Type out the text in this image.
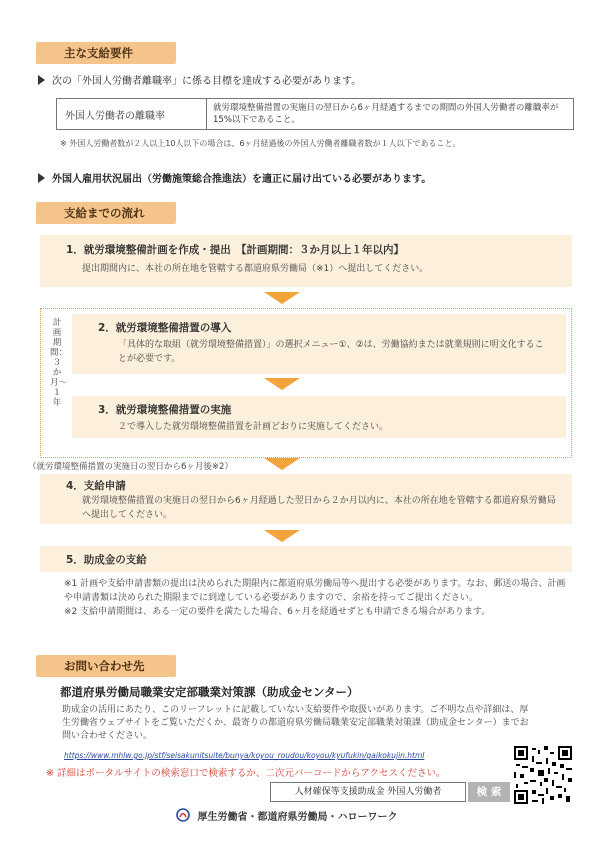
主な支給要件
次の「外国人労働者離職率」に係る目標を達成する必要があります。
外国人労働者の離職率
就労環境整備措置の実施日の翌日から6ヶ月経過するまでの期間の外国人労働者の離職率が15%以下であること。
※ 外国人労働者数が２人以上10人以下の場合は、6ヶ月経過後の外国人労働者離職者数が１人以下であること。
外国人雇用状況届出（労働施策総合推進法）を適正に届け出ている必要があります。
支給までの流れ
1．就労環境整備計画を作成・提出　【計画期間：３か月以上１年以内】
提出期間内に、本社の所在地を管轄する都道府県労働局（※1）へ提出してください。
計画期間：３か月〜１年
2．就労環境整備措置の導入
「具体的な取組（就労環境整備措置）」の選択メニュー①、②は、労働協約または就業規則に明文化することが必要です。
3．就労環境整備措置の実施
２で導入した就労環境整備措置を計画どおりに実施してください。
（就労環境整備措置の実施日の翌日から6ヶ月後※2）
4．支給申請
就労環境整備措置の実施日の翌日から6ヶ月経過した翌日から２か月以内に、本社の所在地を管轄する都道府県労働局へ提出してください。
5．助成金の支給
※1 計画や支給申請書類の提出は決められた期限内に都道府県労働局等へ提出する必要があります。なお、郵送の場合、計画や申請書類は決められた期限までに到達している必要がありますので、余裕を持ってご提出ください。
※2 支給申請期間は、ある一定の要件を満たした場合、6ヶ月を経過せずとも申請できる場合があります。
お問い合わせ先
都道府県労働局職業安定部職業対策課（助成金センター）
助成金の活用にあたり、このリーフレットに記載していない支給要件や取扱いがあります。ご不明な点や詳細は、厚生労働省ウェブサイトをご覧いただくか、最寄りの都道府県労働局職業安定部職業対策課（助成金センター）までお問い合わせください。
https://www.mhlw.go.jp/stf/seisakunitsuite/bunya/koyou_roudou/koyou/kyufukin/gaikokujin.html
※ 詳細はポータルサイトの検索窓口で検索するか、二次元バーコードからアクセスください。
人材確保等支援助成金 外国人労働者	検 索
厚生労働省・都道府県労働局・ハローワーク
